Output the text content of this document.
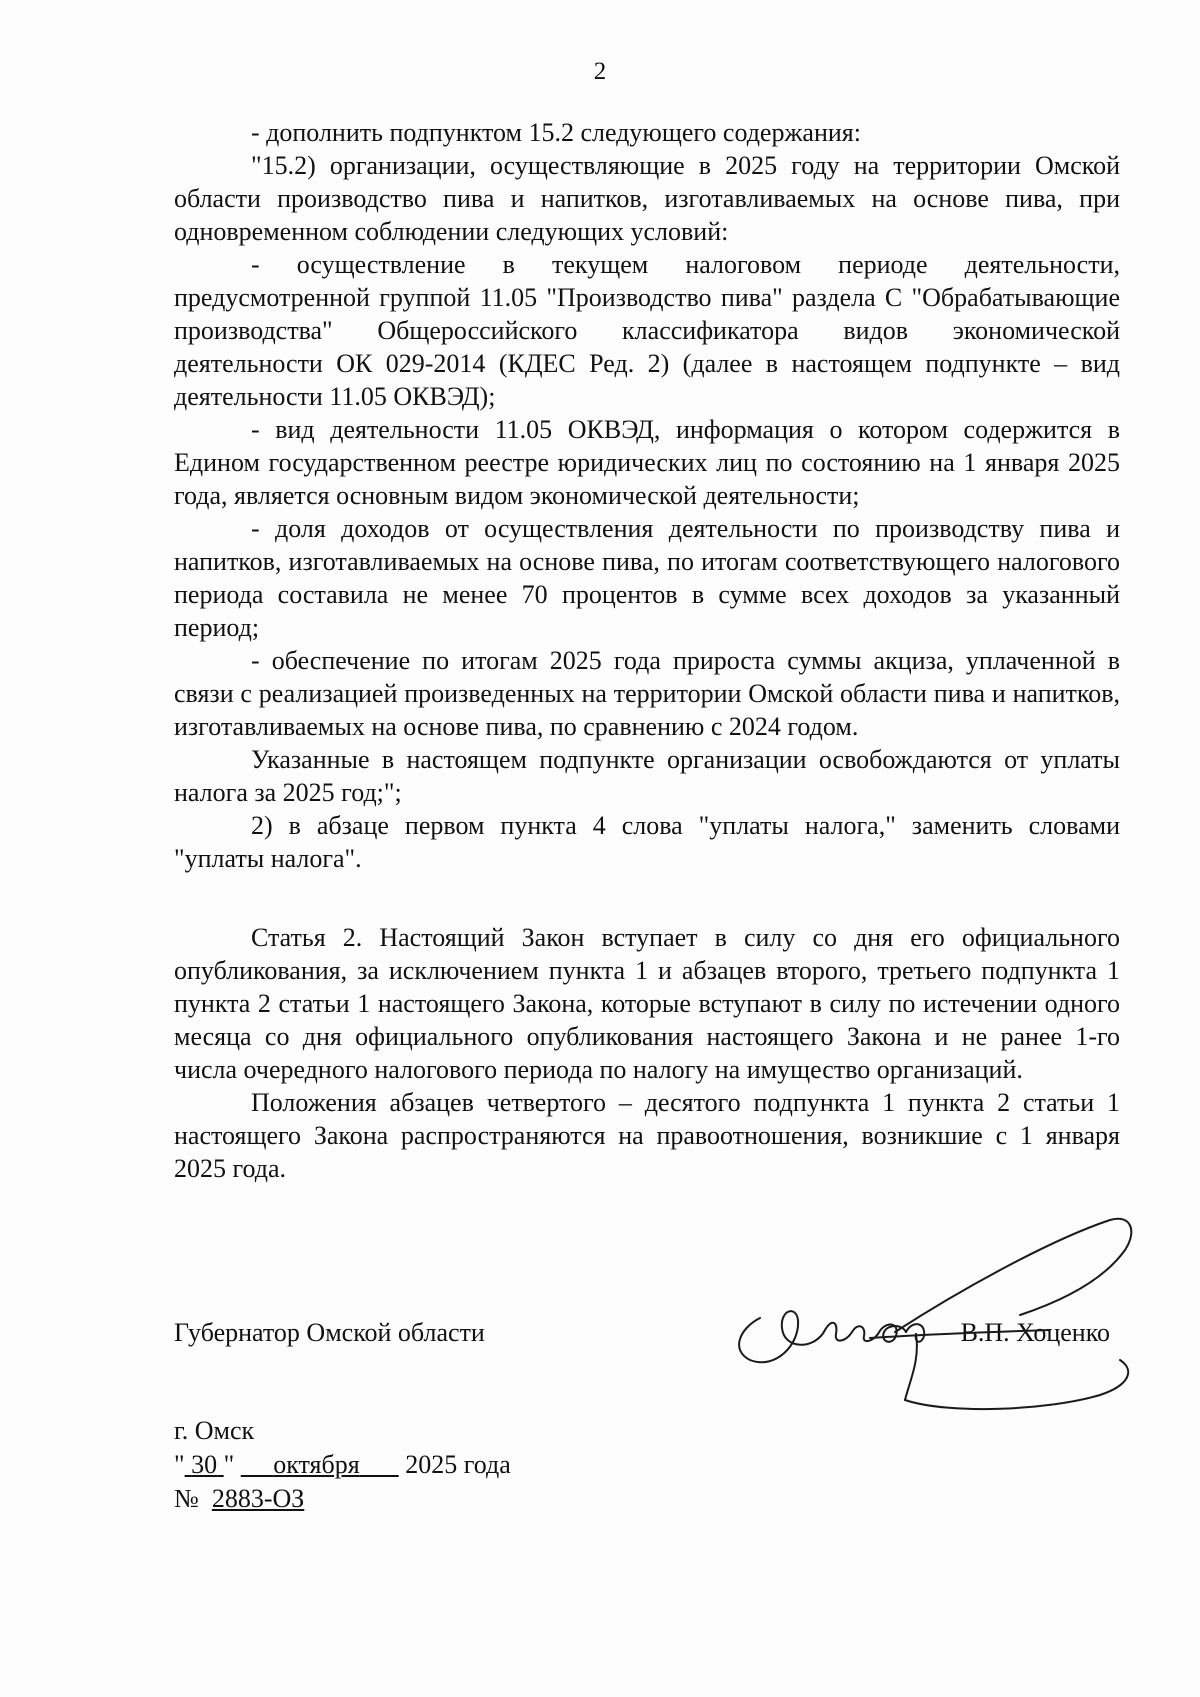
2

- дополнить подпунктом 15.2 следующего содержания:

"15.2) организации, осуществляющие в 2025 году на территории Омской области производство пива и напитков, изготавливаемых на основе пива, при одновременном соблюдении следующих условий:

- осуществление в текущем налоговом периоде деятельности, предусмотренной группой 11.05 "Производство пива" раздела С "Обрабатывающие производства" Общероссийского классификатора видов экономической деятельности ОК 029-2014 (КДЕС Ред. 2) (далее в настоящем подпункте – вид деятельности 11.05 ОКВЭД);

- вид деятельности 11.05 ОКВЭД, информация о котором содержится в Едином государственном реестре юридических лиц по состоянию на 1 января 2025 года, является основным видом экономической деятельности;

- доля доходов от осуществления деятельности по производству пива и напитков, изготавливаемых на основе пива, по итогам соответствующего налогового периода составила не менее 70 процентов в сумме всех доходов за указанный период;

- обеспечение по итогам 2025 года прироста суммы акциза, уплаченной в связи с реализацией произведенных на территории Омской области пива и напитков, изготавливаемых на основе пива, по сравнению с 2024 годом.

Указанные в настоящем подпункте организации освобождаются от уплаты налога за 2025 год;";

2) в абзаце первом пункта 4 слова "уплаты налога," заменить словами "уплаты налога".

Статья 2. Настоящий Закон вступает в силу со дня его официального опубликования, за исключением пункта 1 и абзацев второго, третьего подпункта 1 пункта 2 статьи 1 настоящего Закона, которые вступают в силу по истечении одного месяца со дня официального опубликования настоящего Закона и не ранее 1-го числа очередного налогового периода по налогу на имущество организаций.

Положения абзацев четвертого – десятого подпункта 1 пункта 2 статьи 1 настоящего Закона распространяются на правоотношения, возникшие с 1 января 2025 года.

Губернатор Омской области	В.П. Хоценко
г. Омск
" 30 " октября 2025 года
№ 2883-ОЗ
